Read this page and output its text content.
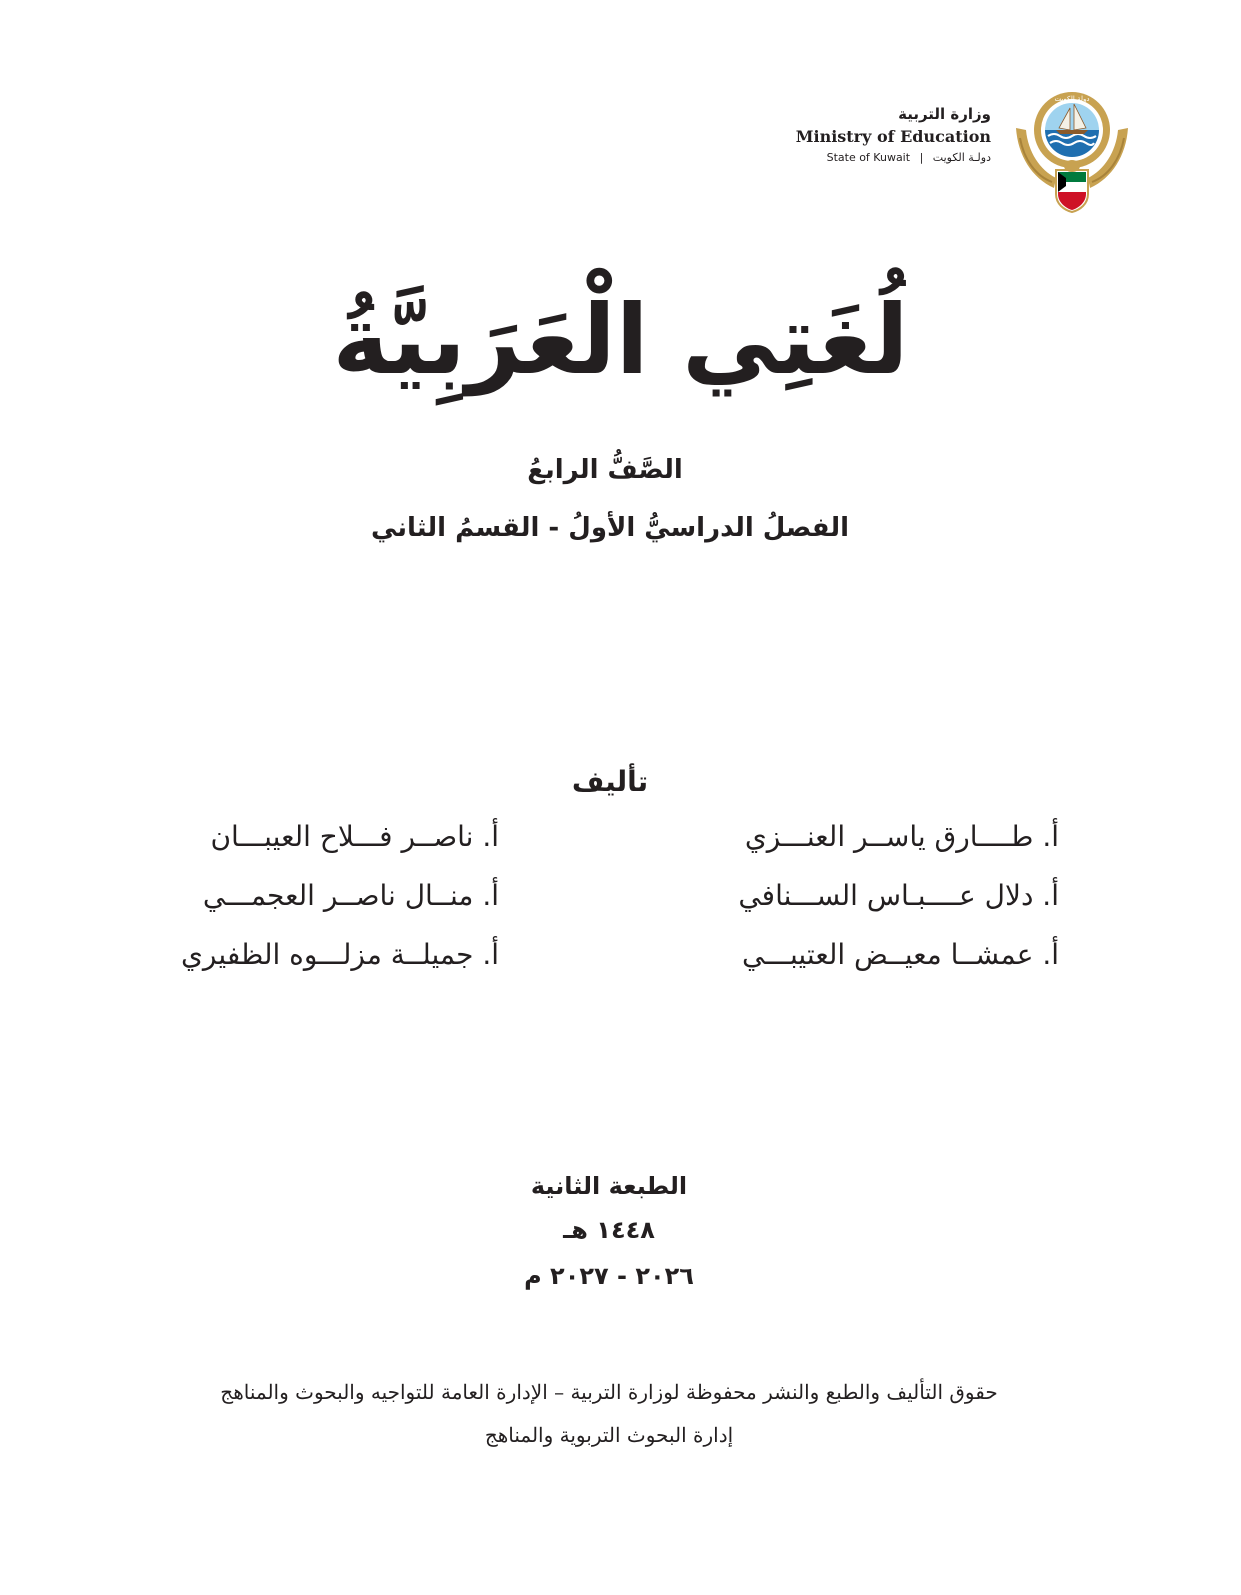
وزارة التربية
Ministry of Education
State of Kuwait | دولـة الكويت
دولة الكويت
لُغَتِي الْعَرَبِيَّةُ
الصَّفُّ الرابعُ
الفصلُ الدراسيُّ الأولُ - القسمُ الثاني
تأليف
أ. طــــارق ياســر العنـــزي
أ. دلال عــــبـاس الســـنافي
أ. عمشــا معيــض العتيبـــي
أ. ناصــر فـــلاح العيبـــان
أ. منــال ناصــر العجمـــي
أ. جميلــة مزلـــوه الظفيري
الطبعة الثانية
١٤٤٨ هـ
٢٠٢٦ - ٢٠٢٧ م
حقوق التأليف والطبع والنشر محفوظة لوزارة التربية – الإدارة العامة للتواجيه والبحوث والمناهج
إدارة البحوث التربوية والمناهج
